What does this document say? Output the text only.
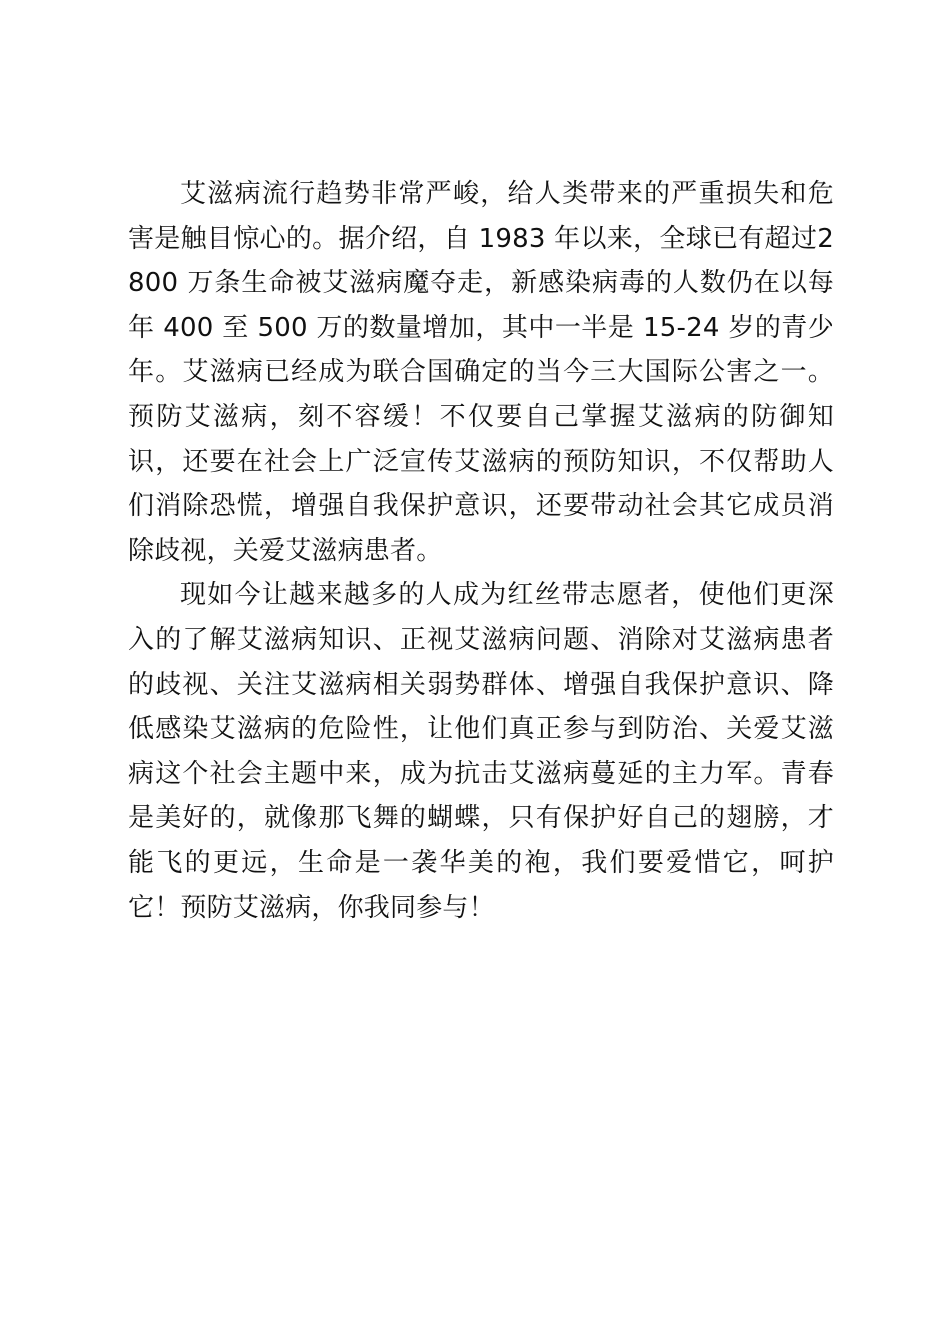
艾滋病流行趋势非常严峻，给人类带来的严重损失和危害是触目惊心的。据介绍，自 1983 年以来，全球已有超过2800 万条生命被艾滋病魔夺走，新感染病毒的人数仍在以每年 400 至 500 万的数量增加，其中一半是 15-24 岁的青少年。艾滋病已经成为联合国确定的当今三大国际公害之一。预防艾滋病，刻不容缓！不仅要自己掌握艾滋病的防御知识，还要在社会上广泛宣传艾滋病的预防知识，不仅帮助人们消除恐慌，增强自我保护意识，还要带动社会其它成员消除歧视，关爱艾滋病患者。

现如今让越来越多的人成为红丝带志愿者，使他们更深入的了解艾滋病知识、正视艾滋病问题、消除对艾滋病患者的歧视、关注艾滋病相关弱势群体、增强自我保护意识、降低感染艾滋病的危险性，让他们真正参与到防治、关爱艾滋病这个社会主题中来，成为抗击艾滋病蔓延的主力军。青春是美好的，就像那飞舞的蝴蝶，只有保护好自己的翅膀，才能飞的更远，生命是一袭华美的袍，我们要爱惜它，呵护它！预防艾滋病，你我同参与！
